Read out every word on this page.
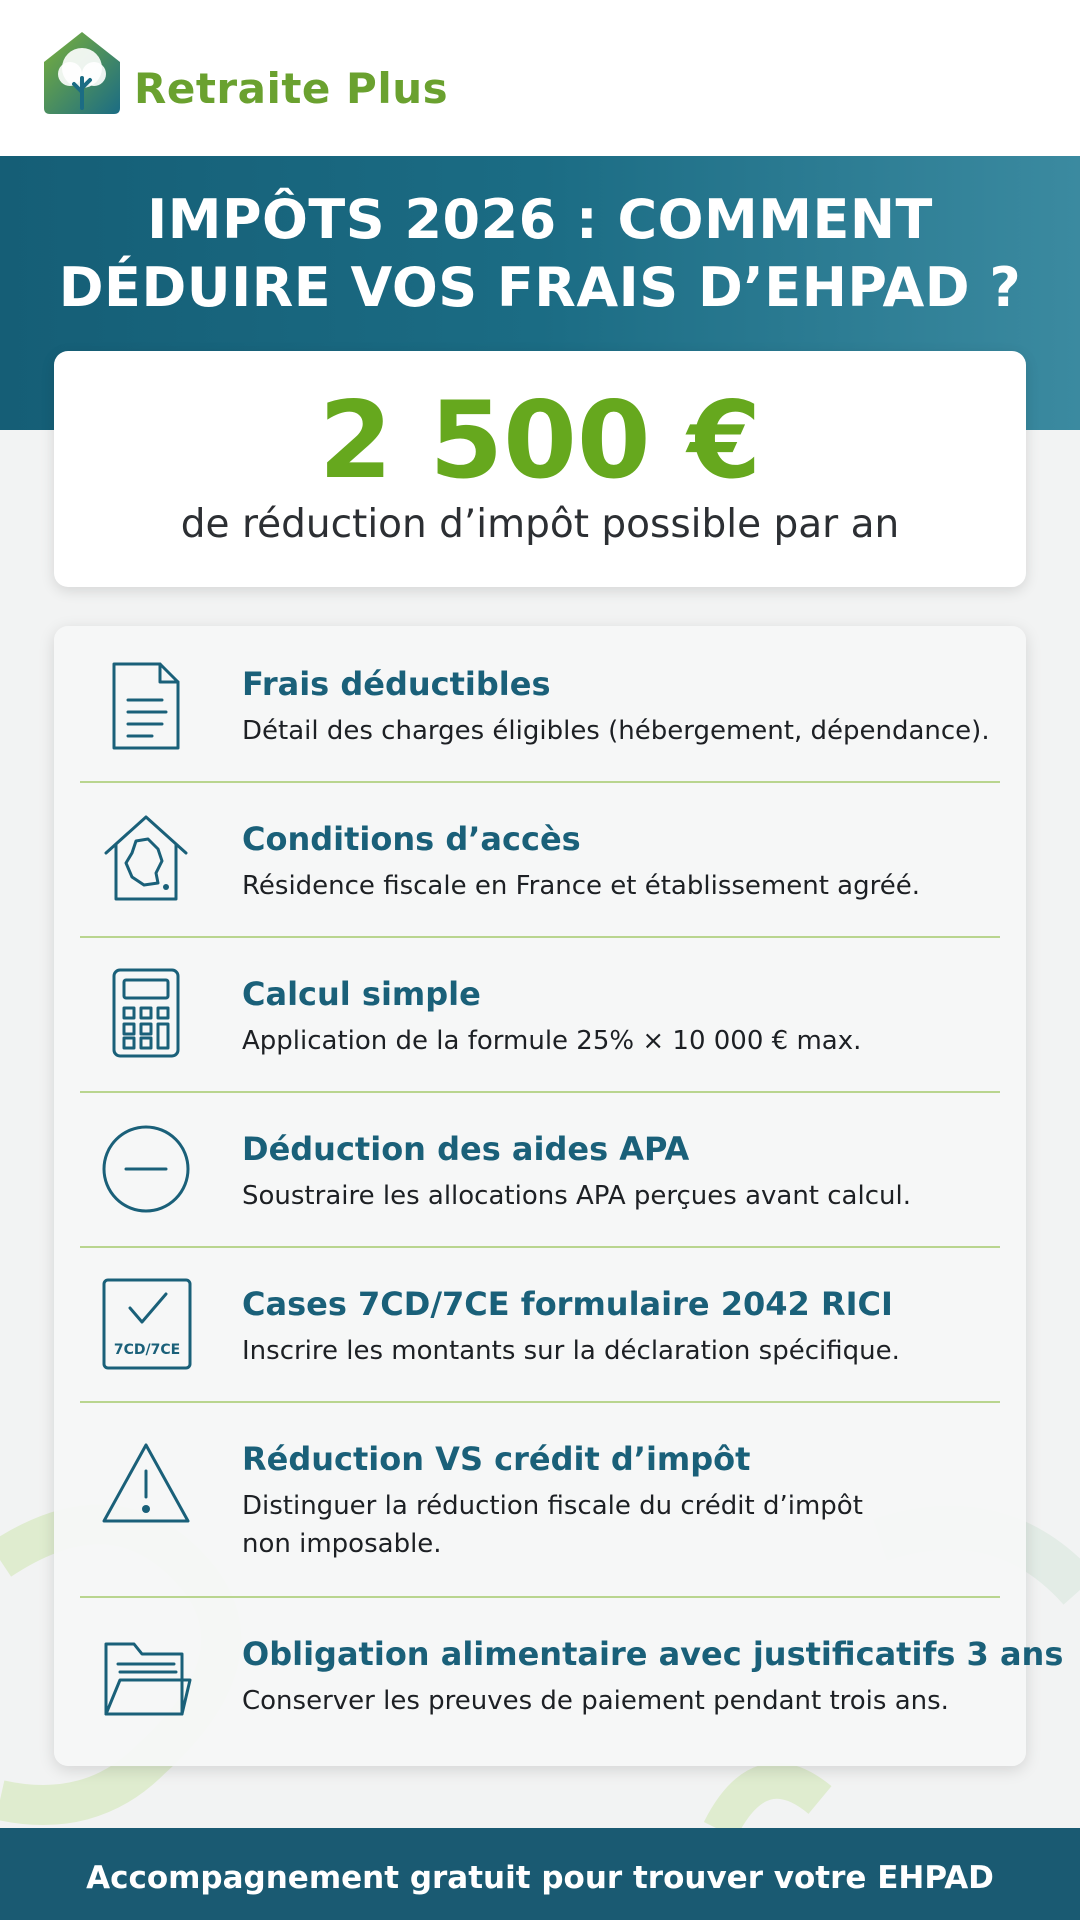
Retraite Plus
IMPÔTS 2026 : COMMENT
DÉDUIRE VOS FRAIS D’EHPAD ?
2 500 €
de réduction d’impôt possible par an
Frais déductibles
Détail des charges éligibles (hébergement, dépendance).
Conditions d’accès
Résidence fiscale en France et établissement agréé.
Calcul simple
Application de la formule 25% × 10 000 € max.
Déduction des aides APA
Soustraire les allocations APA perçues avant calcul.
7CD/7CE
Cases 7CD/7CE formulaire 2042 RICI
Inscrire les montants sur la déclaration spécifique.
Réduction VS crédit d’impôt
Distinguer la réduction fiscale du crédit d’impôt non imposable.
Obligation alimentaire avec justificatifs 3 ans
Conserver les preuves de paiement pendant trois ans.
Accompagnement gratuit pour trouver votre EHPAD
